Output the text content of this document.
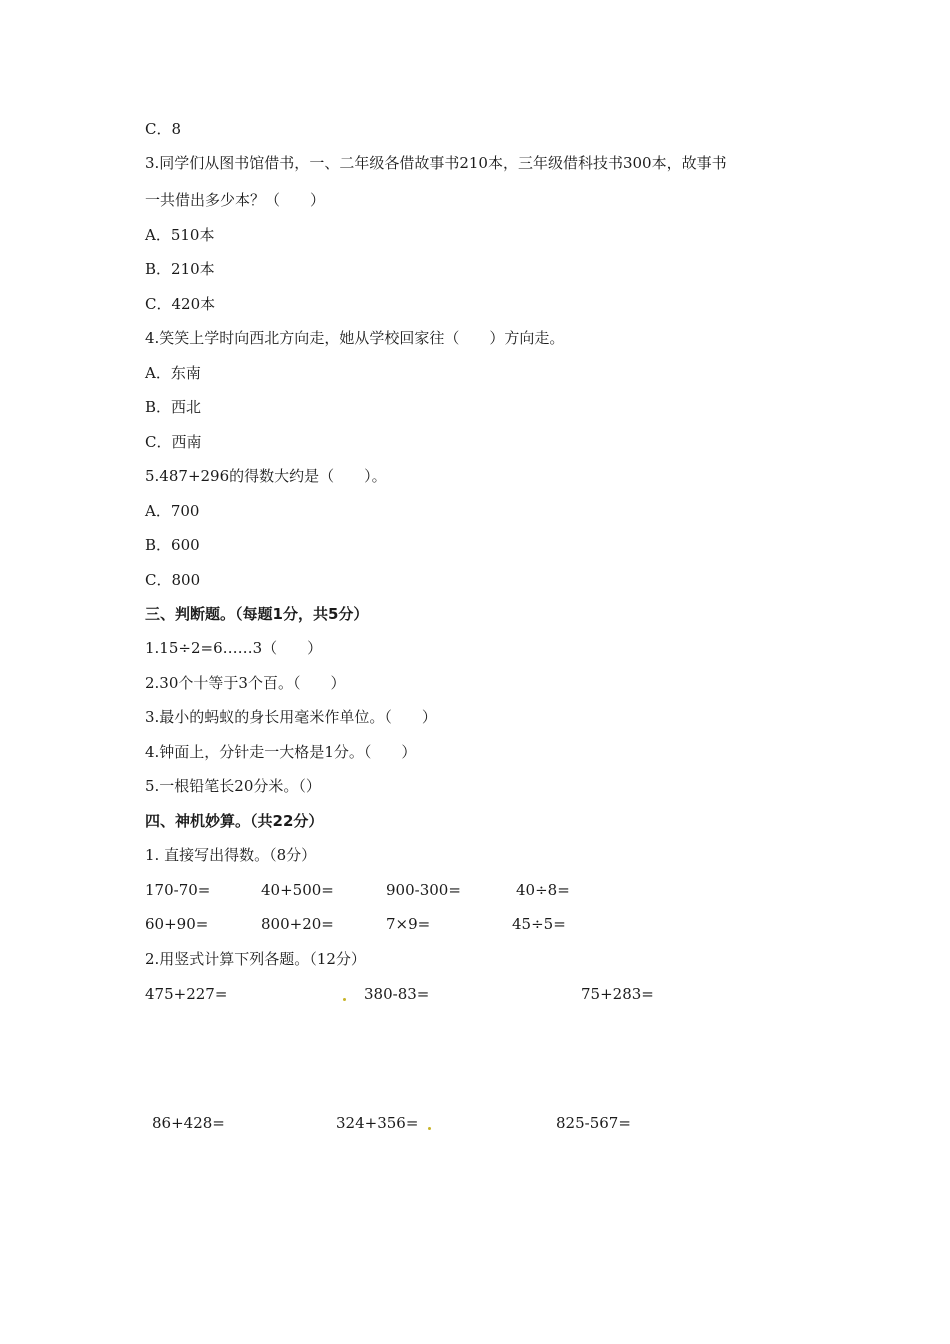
C．8
3.同学们从图书馆借书，一、二年级各借故事书210本，三年级借科技书300本，故事书
一共借出多少本？（　　）
A．510本
B．210本
C．420本
4.笑笑上学时向西北方向走，她从学校回家往（　　）方向走。
A．东南
B．西北
C．西南
5.487+296的得数大约是（　　）。
A．700
B．600
C．800
三、判断题。（每题1分，共5分）
1.15÷2=6……3（　　）
2.30个十等于3个百。（　　）
3.最小的蚂蚁的身长用毫米作单位。（　　）
4.钟面上，分针走一大格是1分。（　　）
5.一根铅笔长20分米。（）
四、神机妙算。（共22分）
1. 直接写出得数。（8分）
170-70=	40+500=	900-300=	40÷8=
60+90=	800+20=	7×9=	45÷5=
2.用竖式计算下列各题。（12分）
475+227=	380-83=	75+283=
86+428=	324+356=	825-567=
